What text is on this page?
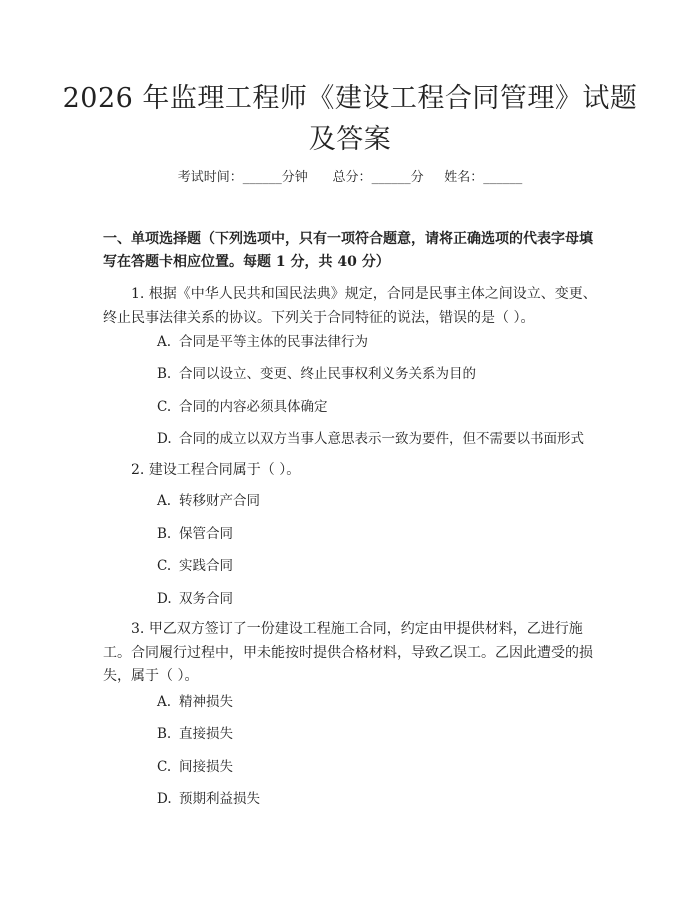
2026 年监理工程师《建设工程合同管理》试题及答案
考试时间：______分钟 总分：______分 姓名：______
一、单项选择题（下列选项中，只有一项符合题意，请将正确选项的代表字母填写在答题卡相应位置。每题 1 分，共 40 分）
1. 根据《中华人民共和国民法典》规定，合同是民事主体之间设立、变更、终止民事法律关系的协议。下列关于合同特征的说法，错误的是（ ）。
A. 合同是平等主体的民事法律行为
B. 合同以设立、变更、终止民事权利义务关系为目的
C. 合同的内容必须具体确定
D. 合同的成立以双方当事人意思表示一致为要件，但不需要以书面形式
2. 建设工程合同属于（ ）。
A. 转移财产合同
B. 保管合同
C. 实践合同
D. 双务合同
3. 甲乙双方签订了一份建设工程施工合同，约定由甲提供材料，乙进行施工。合同履行过程中，甲未能按时提供合格材料，导致乙误工。乙因此遭受的损失，属于（ ）。
A. 精神损失
B. 直接损失
C. 间接损失
D. 预期利益损失
